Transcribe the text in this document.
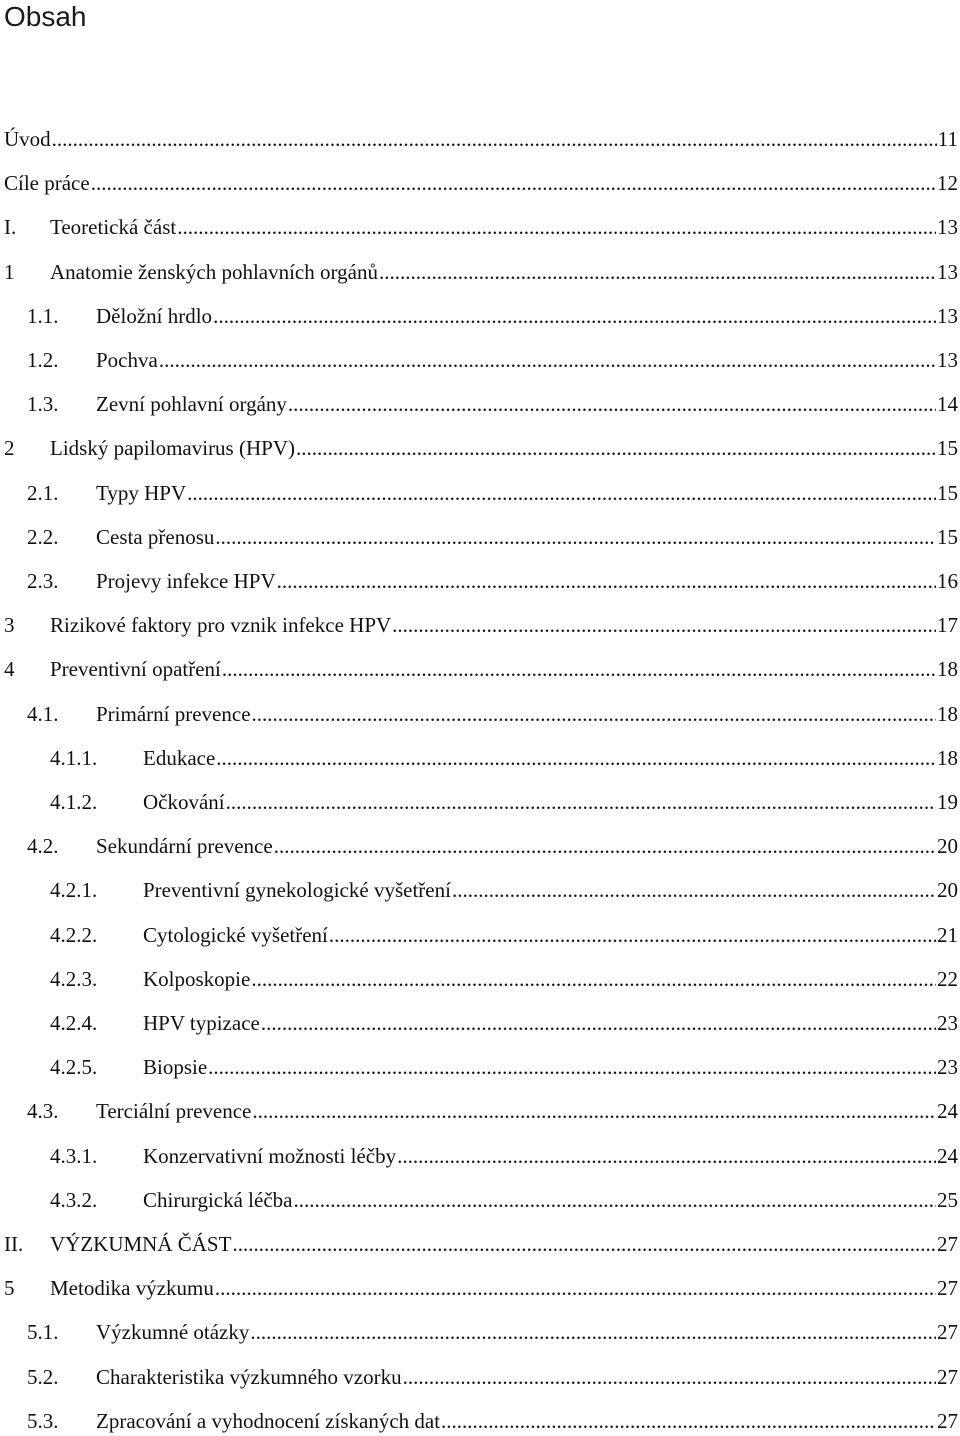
Obsah
Úvod .....	11
Cíle práce .....	12
I.	Teoretická část .....	13
1	Anatomie ženských pohlavních orgánů .....	13
1.1.	Děložní hrdlo .....	13
1.2.	Pochva .....	13
1.3.	Zevní pohlavní orgány .....	14
2	Lidský papilomavirus (HPV) .....	15
2.1.	Typy HPV .....	15
2.2.	Cesta přenosu .....	15
2.3.	Projevy infekce HPV .....	16
3	Rizikové faktory pro vznik infekce HPV .....	17
4	Preventivní opatření .....	18
4.1.	Primární prevence .....	18
4.1.1.	Edukace .....	18
4.1.2.	Očkování .....	19
4.2.	Sekundární prevence .....	20
4.2.1.	Preventivní gynekologické vyšetření .....	20
4.2.2.	Cytologické vyšetření .....	21
4.2.3.	Kolposkopie .....	22
4.2.4.	HPV typizace .....	23
4.2.5.	Biopsie .....	23
4.3.	Terciální prevence .....	24
4.3.1.	Konzervativní možnosti léčby .....	24
4.3.2.	Chirurgická léčba .....	25
II.	VÝZKUMNÁ ČÁST .....	27
5	Metodika výzkumu .....	27
5.1.	Výzkumné otázky .....	27
5.2.	Charakteristika výzkumného vzorku .....	27
5.3.	Zpracování a vyhodnocení získaných dat .....	27
